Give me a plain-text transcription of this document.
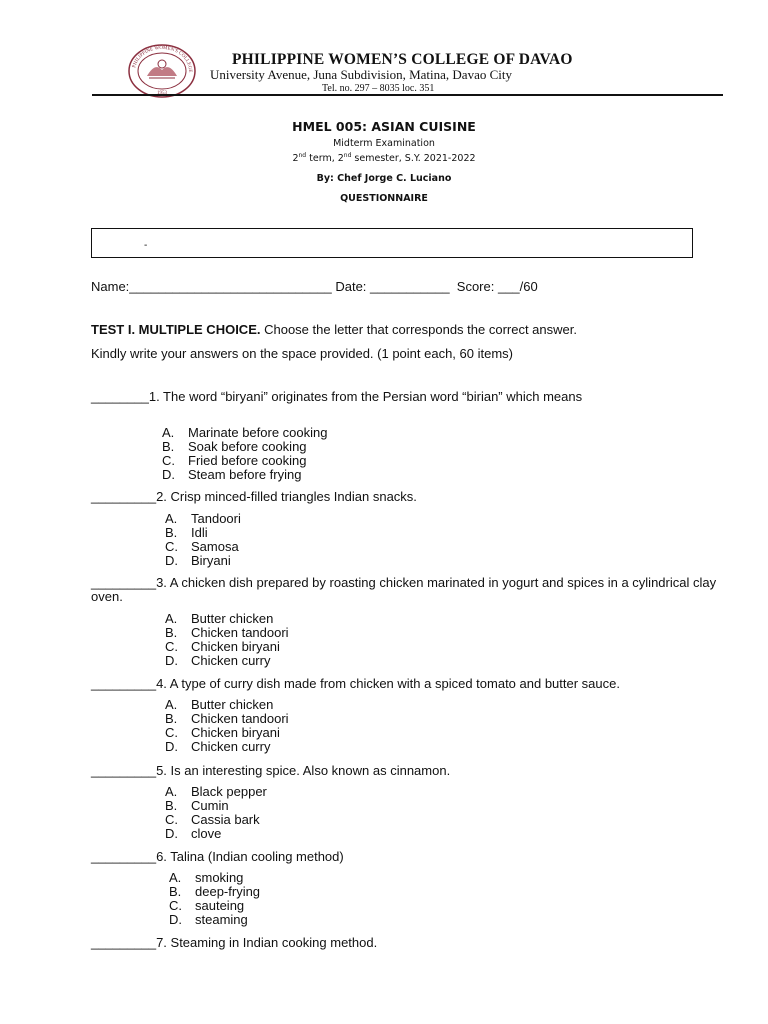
PHILIPPINE WOMEN'S COLLEGE
1953
PHILIPPINE WOMEN’S COLLEGE OF DAVAO
University Avenue, Juna Subdivision, Matina, Davao City
Tel. no. 297 – 8035 loc. 351
HMEL 005: ASIAN CUISINE
Midterm Examination
2nd term, 2nd semester, S.Y. 2021-2022
By: Chef Jorge C. Luciano
QUESTIONNAIRE
-
Name:____________________________ Date: ___________  Score: ___/60
TEST I. MULTIPLE CHOICE. Choose the letter that corresponds the correct answer.
Kindly write your answers on the space provided. (1 point each, 60 items)
________1. The word “biryani” originates from the Persian word “birian” which means
A. Marinate before cooking
B. Soak before cooking
C. Fried before cooking
D. Steam before frying
_________2. Crisp minced-filled triangles Indian snacks.
A. Tandoori
B. Idli
C. Samosa
D. Biryani
_________3. A chicken dish prepared by roasting chicken marinated in yogurt and spices in a cylindrical clay oven.
A. Butter chicken
B. Chicken tandoori
C. Chicken biryani
D. Chicken curry
_________4. A type of curry dish made from chicken with a spiced tomato and butter sauce.
A. Butter chicken
B. Chicken tandoori
C. Chicken biryani
D. Chicken curry
_________5. Is an interesting spice. Also known as cinnamon.
A. Black pepper
B. Cumin
C. Cassia bark
D. clove
_________6. Talina (Indian cooling method)
A. smoking
B. deep-frying
C. sauteing
D. steaming
_________7. Steaming in Indian cooking method.
